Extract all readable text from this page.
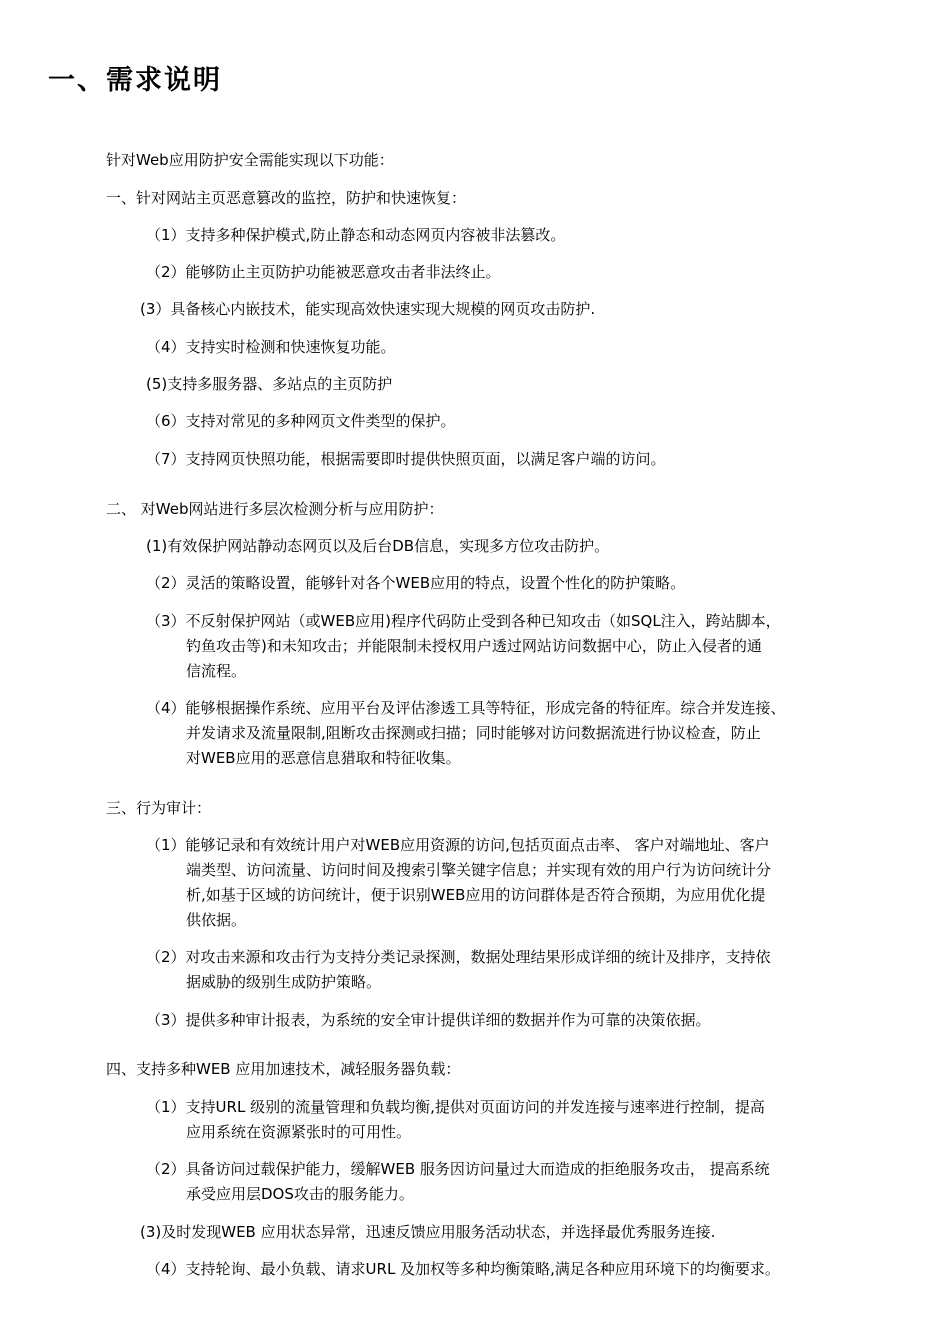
一、需求说明

针对Web应用防护安全需能实现以下功能：

一、针对网站主页恶意篡改的监控，防护和快速恢复：

（1）支持多种保护模式,防止静态和动态网页内容被非法篡改。

（2）能够防止主页防护功能被恶意攻击者非法终止。

(3）具备核心内嵌技术，能实现高效快速实现大规模的网页攻击防护.

（4）支持实时检测和快速恢复功能。

(5)支持多服务器、多站点的主页防护

（6）支持对常见的多种网页文件类型的保护。

（7）支持网页快照功能，根据需要即时提供快照页面，以满足客户端的访问。

二、 对Web网站进行多层次检测分析与应用防护：

(1)有效保护网站静动态网页以及后台DB信息，实现多方位攻击防护。

（2）灵活的策略设置，能够针对各个WEB应用的特点，设置个性化的防护策略。

（3）不反射保护网站（或WEB应用)程序代码防止受到各种已知攻击（如SQL注入，跨站脚本，

钓鱼攻击等)和未知攻击；并能限制未授权用户透过网站访问数据中心，防止入侵者的通

信流程。

（4）能够根据操作系统、应用平台及评估渗透工具等特征，形成完备的特征库。综合并发连接、

并发请求及流量限制,阻断攻击探测或扫描；同时能够对访问数据流进行协议检查，防止

对WEB应用的恶意信息猎取和特征收集。

三、行为审计：

（1）能够记录和有效统计用户对WEB应用资源的访问,包括页面点击率、 客户对端地址、客户

端类型、访问流量、访问时间及搜索引擎关键字信息；并实现有效的用户行为访问统计分

析,如基于区域的访问统计，便于识别WEB应用的访问群体是否符合预期，为应用优化提

供依据。

（2）对攻击来源和攻击行为支持分类记录探测，数据处理结果形成详细的统计及排序，支持依

据威胁的级别生成防护策略。

（3）提供多种审计报表，为系统的安全审计提供详细的数据并作为可靠的决策依据。

四、支持多种WEB 应用加速技术，减轻服务器负载：

（1）支持URL 级别的流量管理和负载均衡,提供对页面访问的并发连接与速率进行控制，提高

应用系统在资源紧张时的可用性。

（2）具备访问过载保护能力，缓解WEB 服务因访问量过大而造成的拒绝服务攻击， 提高系统

承受应用层DOS攻击的服务能力。

(3)及时发现WEB 应用状态异常，迅速反馈应用服务活动状态，并选择最优秀服务连接.

（4）支持轮询、最小负载、请求URL 及加权等多种均衡策略,满足各种应用环境下的均衡要求。
